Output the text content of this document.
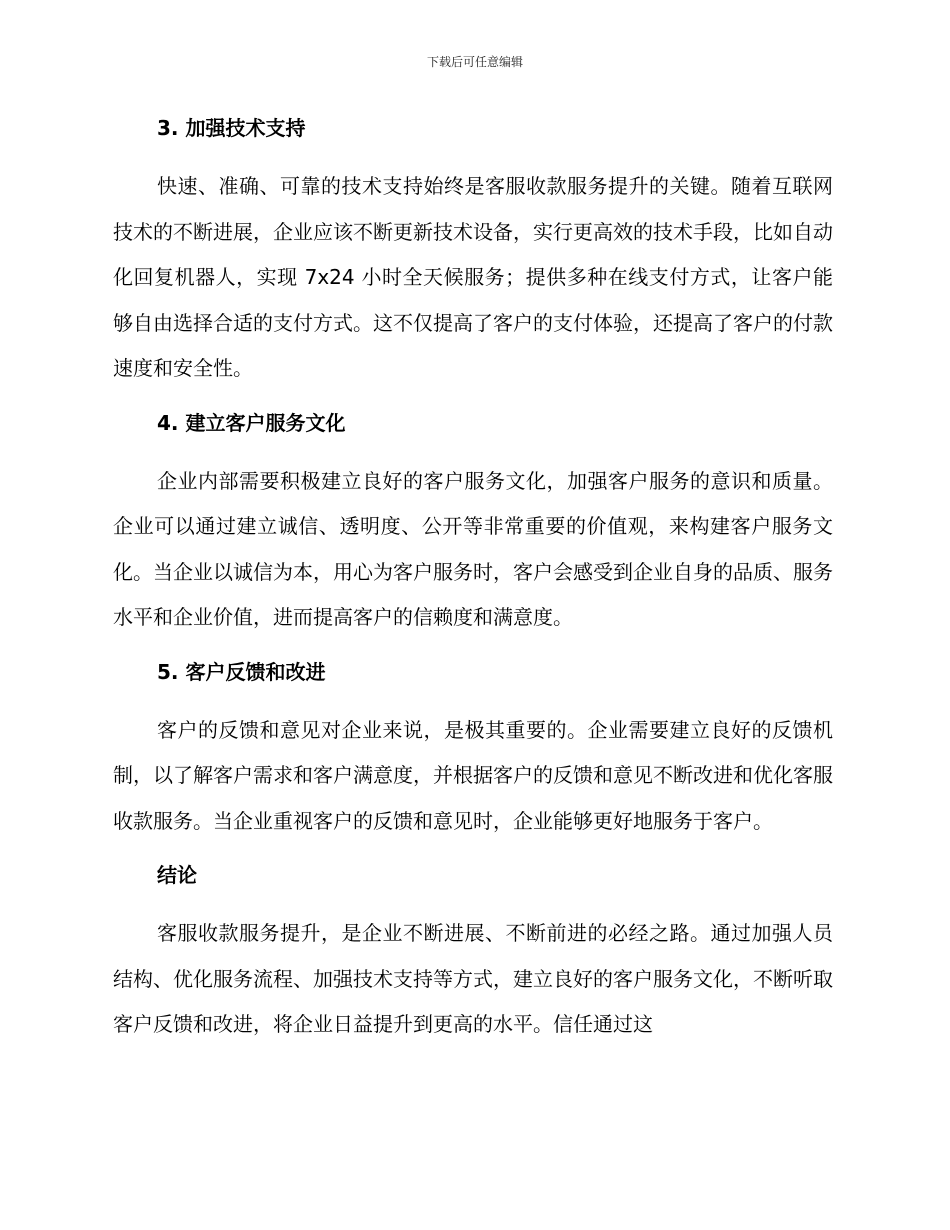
下载后可任意编辑
3. 加强技术支持

快速、准确、可靠的技术支持始终是客服收款服务提升的关键。随着互联网技术的不断进展，企业应该不断更新技术设备，实行更高效的技术手段，比如自动化回复机器人，实现 7x24 小时全天候服务；提供多种在线支付方式，让客户能够自由选择合适的支付方式。这不仅提高了客户的支付体验，还提高了客户的付款速度和安全性。

4. 建立客户服务文化

企业内部需要积极建立良好的客户服务文化，加强客户服务的意识和质量。企业可以通过建立诚信、透明度、公开等非常重要的价值观，来构建客户服务文化。当企业以诚信为本，用心为客户服务时，客户会感受到企业自身的品质、服务水平和企业价值，进而提高客户的信赖度和满意度。

5. 客户反馈和改进

客户的反馈和意见对企业来说，是极其重要的。企业需要建立良好的反馈机制，以了解客户需求和客户满意度，并根据客户的反馈和意见不断改进和优化客服收款服务。当企业重视客户的反馈和意见时，企业能够更好地服务于客户。

结论

客服收款服务提升，是企业不断进展、不断前进的必经之路。通过加强人员结构、优化服务流程、加强技术支持等方式，建立良好的客户服务文化，不断听取客户反馈和改进，将企业日益提升到更高的水平。信任通过这
